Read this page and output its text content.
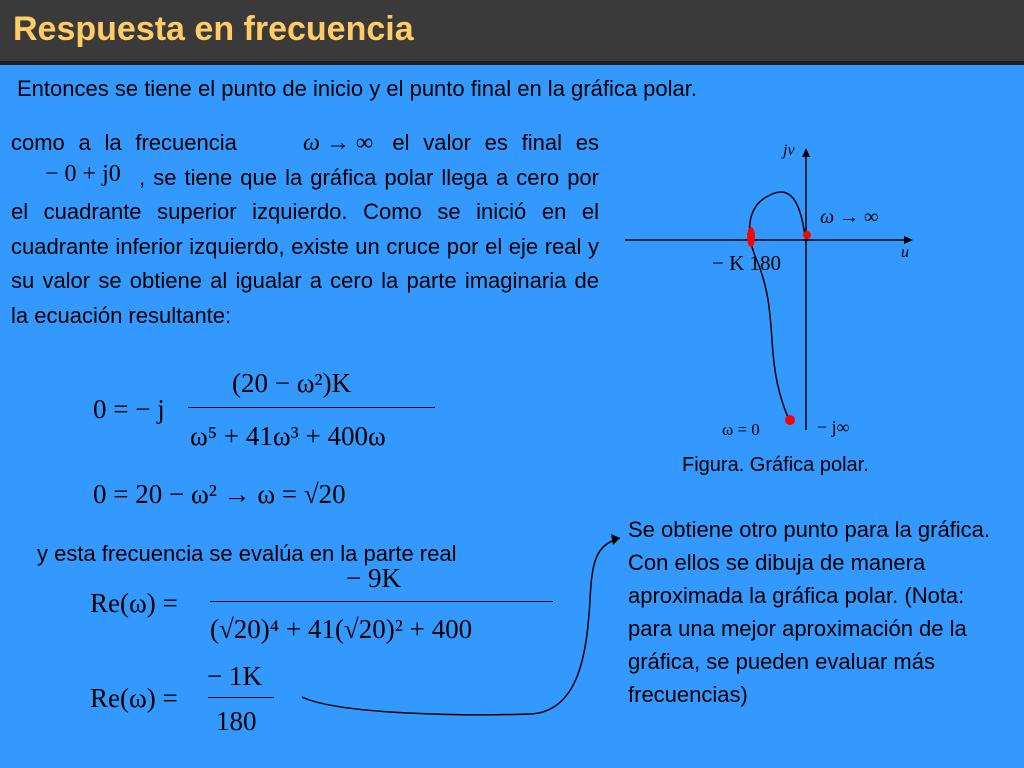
Respuesta en frecuencia
Entonces se tiene el punto de inicio y el punto final en la gráfica polar.
como a la frecuencia	el valor es final es , se tiene que la gráfica polar llega a cero por el cuadrante superior izquierdo. Como se inició en el cuadrante inferior izquierdo, existe un cruce por el eje real y su valor se obtiene al igualar a cero la parte imaginaria de la ecuación resultante:
ω → ∞
− 0 + j0
0 = − j
(20 − ω²)K
ω⁵ + 41ω³ + 400ω
0 = 20 − ω² → ω = √20
y esta frecuencia se evalúa en la parte real
Re(ω) =
− 9K
(√20)⁴ + 41(√20)² + 400
Re(ω) =
− 1K
180
Se obtiene otro punto para la gráfica. Con ellos se dibuja de manera aproximada la gráfica polar. (Nota: para una mejor aproximación de la gráfica, se pueden evaluar más frecuencias)
jv
u
ω → ∞
− K 180
ω = 0	− j∞
Figura. Gráfica polar.
